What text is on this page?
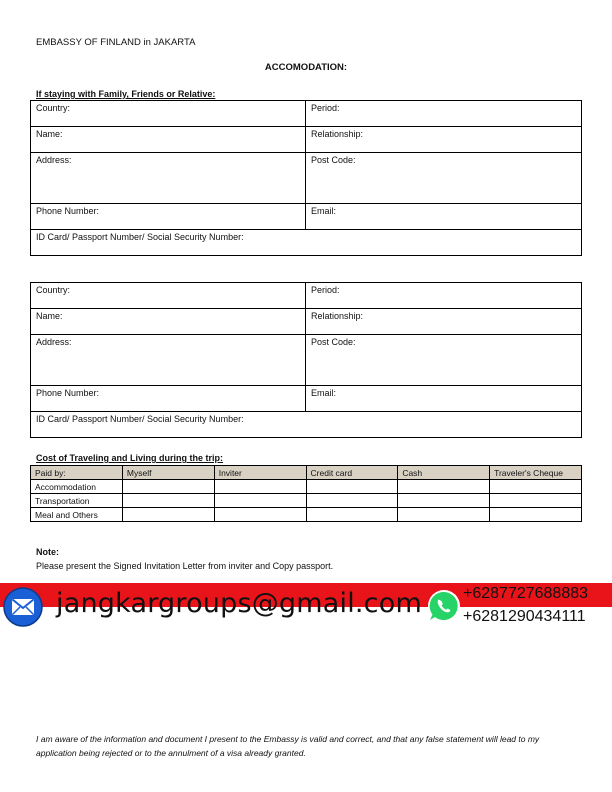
EMBASSY OF FINLAND in JAKARTA
ACCOMODATION:
If staying with Family, Friends or Relative:
Country:	Period:
Name:	Relationship:
Address:	Post Code:
Phone Number:	Email:
ID Card/ Passport Number/ Social Security Number:	
Country:	Period:
Name:	Relationship:
Address:	Post Code:
Phone Number:	Email:
ID Card/ Passport Number/ Social Security Number:	
Cost of Traveling and Living during the trip:
Paid by:	Myself	Inviter	Credit card	Cash	Traveler's Cheque
Accommodation					
Transportation					
Meal and Others					
Note:
Please present the Signed Invitation Letter from inviter and Copy passport.
jangkargroups@gmail.com	+6287727688883
+6281290434111
I am aware of the information and document I present to the Embassy is valid and correct, and that any false statement will lead to my application being rejected or to the annulment of a visa already granted.
